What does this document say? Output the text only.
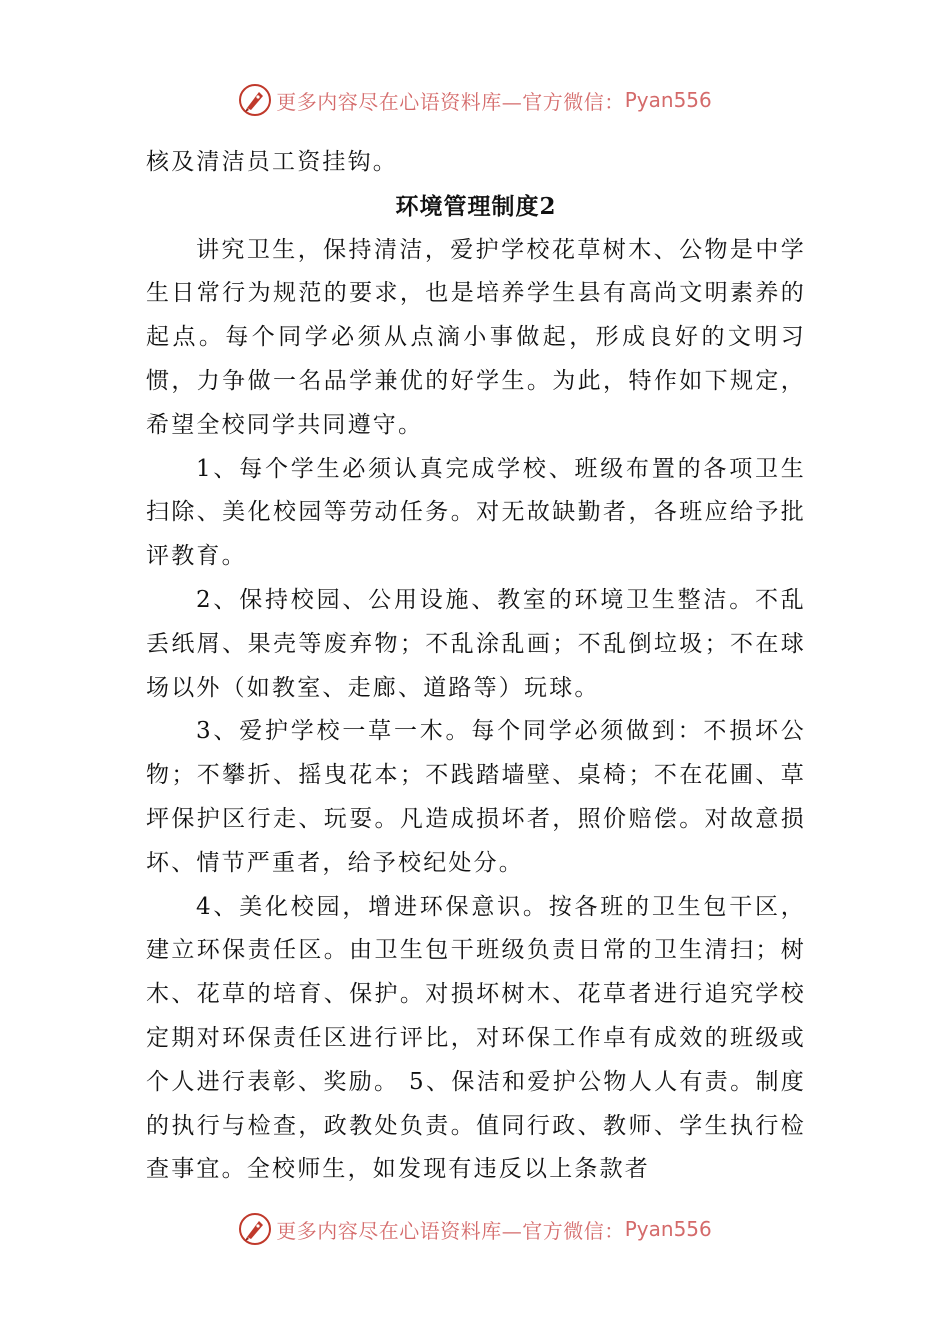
更多内容尽在心语资料库—官方微信： Pyan556

核及清洁员工资挂钩。

环境管理制度2

讲究卫生，保持清洁，爱护学校花草树木、公物是中学生日常行为规范的要求，也是培养学生县有高尚文明素养的起点。每个同学必须从点滴小事做起，形成良好的文明习惯，力争做一名品学兼优的好学生。为此，特作如下规定，希望全校同学共同遵守。

1、每个学生必须认真完成学校、班级布置的各项卫生扫除、美化校园等劳动任务。对无故缺勤者，各班应给予批评教育。

2、保持校园、公用设施、教室的环境卫生整洁。不乱丢纸屑、果壳等废弃物；不乱涂乱画；不乱倒垃圾；不在球场以外（如教室、走廊、道路等）玩球。

3、爱护学校一草一木。每个同学必须做到：不损坏公物；不攀折、摇曳花本；不践踏墙壁、桌椅；不在花圃、草坪保护区行走、玩耍。凡造成损坏者，照价赔偿。对故意损坏、情节严重者，给予校纪处分。

4、美化校园，增进环保意识。按各班的卫生包干区，建立环保责任区。由卫生包干班级负责日常的卫生清扫；树木、花草的培育、保护。对损坏树木、花草者进行追究学校定期对环保责任区进行评比，对环保工作卓有成效的班级或个人进行表彰、奖励。 5、保洁和爱护公物人人有责。制度的执行与检查，政教处负责。值同行政、教师、学生执行检查事宜。全校师生，如发现有违反以上条款者

更多内容尽在心语资料库—官方微信： Pyan556
